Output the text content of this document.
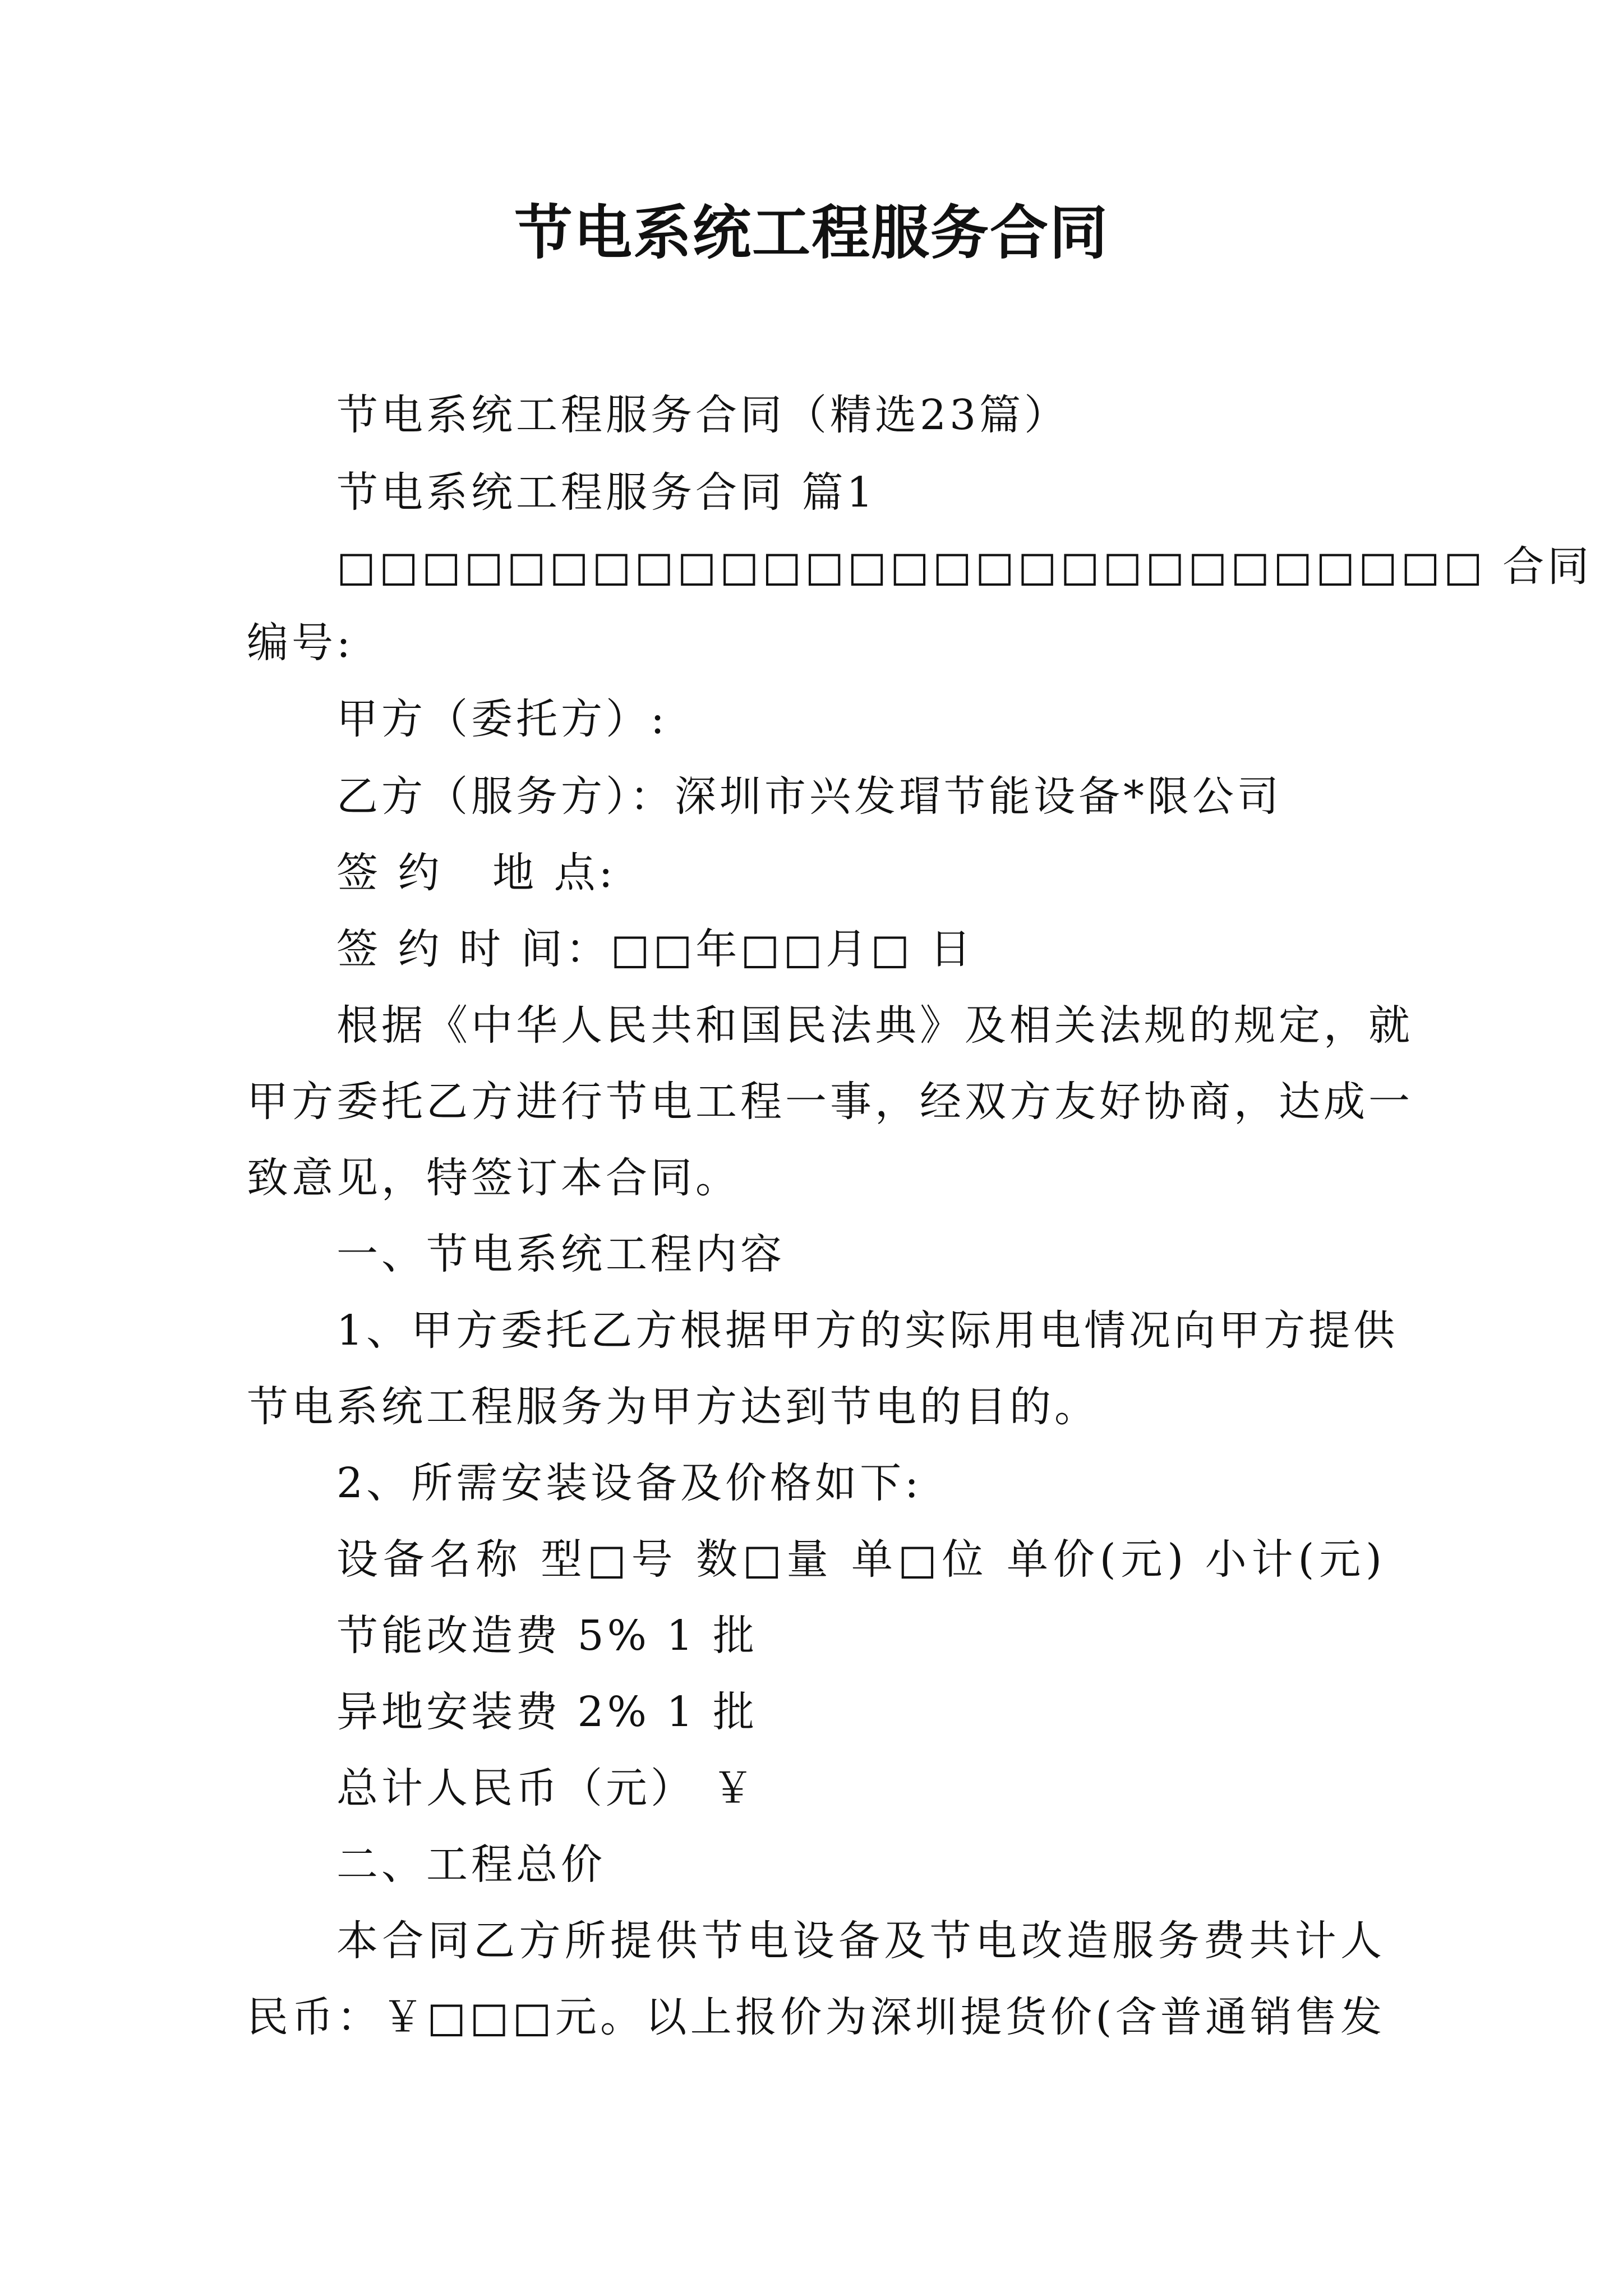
节电系统工程服务合同
节电系统工程服务合同（精选23篇）
节电系统工程服务合同 篇1
□□□□□□□□□□□□□□□□□□□□□□□□□□□ 合同
编号:
甲方（委托方）:
乙方（服务方）：深圳市兴发瑁节能设备*限公司
签 约   地 点:
签 约 时 间：□□年□□月□ 日
根据《中华人民共和国民法典》及相关法规的规定，就
甲方委托乙方进行节电工程一事，经双方友好协商，达成一
致意见，特签订本合同。
一、节电系统工程内容
1、甲方委托乙方根据甲方的实际用电情况向甲方提供
节电系统工程服务为甲方达到节电的目的。
2、所需安装设备及价格如下:
设备名称 型□号 数□量 单□位 单价(元) 小计(元)
节能改造费 5% 1 批
异地安装费 2% 1 批
总计人民币（元） ￥
二、工程总价
本合同乙方所提供节电设备及节电改造服务费共计人
民币：￥□□□元。以上报价为深圳提货价(含普通销售发
